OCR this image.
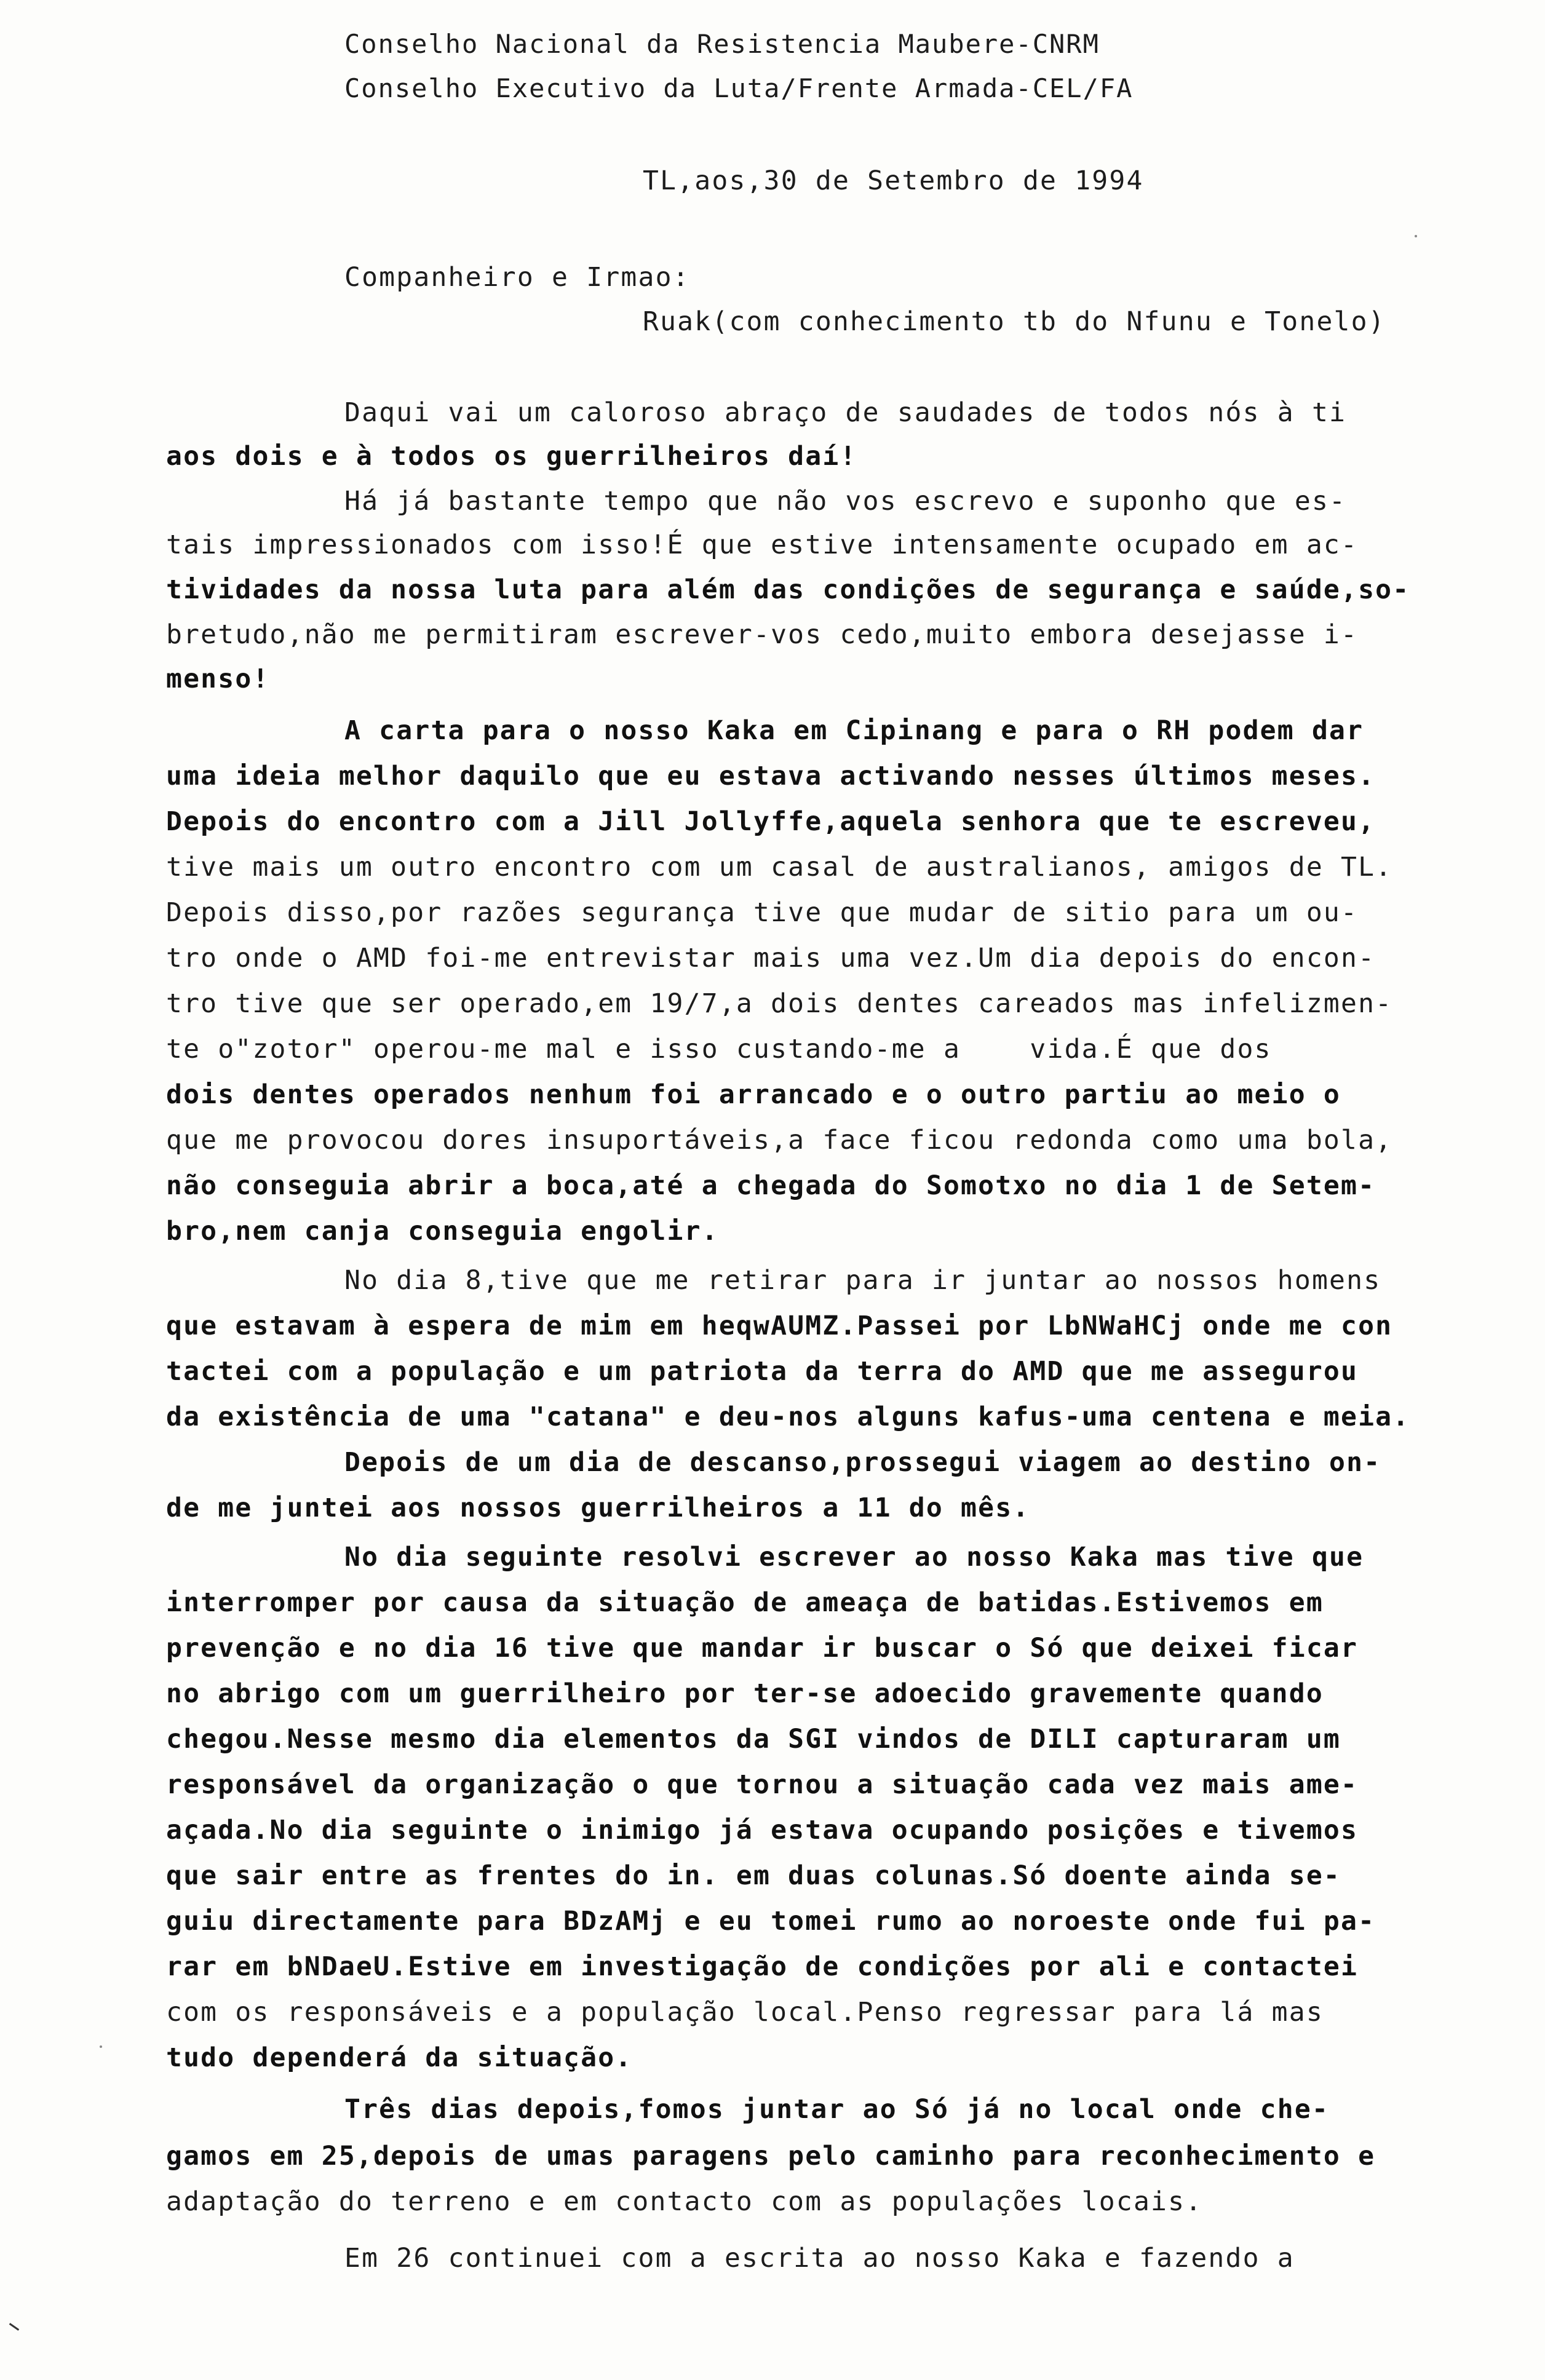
Conselho Nacional da Resistencia Maubere-CNRM
Conselho Executivo da Luta/Frente Armada-CEL/FA
TL,aos,30 de Setembro de 1994
Companheiro e Irmao:
Ruak(com conhecimento tb do Nfunu e Tonelo)
Daqui vai um caloroso abraço de saudades de todos nós à ti
aos dois e à todos os guerrilheiros daí!
Há já bastante tempo que não vos escrevo e suponho que es-
tais impressionados com isso!É que estive intensamente ocupado em ac-
tividades da nossa luta para além das condições de segurança e saúde,so-
bretudo,não me permitiram escrever-vos cedo,muito embora desejasse i-
menso!
A carta para o nosso Kaka em Cipinang e para o RH podem dar
uma ideia melhor daquilo que eu estava activando nesses últimos meses.
Depois do encontro com a Jill Jollyffe,aquela senhora que te escreveu,
tive mais um outro encontro com um casal de australianos, amigos de TL.
Depois disso,por razões segurança tive que mudar de sitio para um ou-
tro onde o AMD foi-me entrevistar mais uma vez.Um dia depois do encon-
tro tive que ser operado,em 19/7,a dois dentes careados mas infelizmen-
te o"zotor" operou-me mal e isso custando-me a    vida.É que dos
dois dentes operados nenhum foi arrancado e o outro partiu ao meio o
que me provocou dores insuportáveis,a face ficou redonda como uma bola,
não conseguia abrir a boca,até a chegada do Somotxo no dia 1 de Setem-
bro,nem canja conseguia engolir.
No dia 8,tive que me retirar para ir juntar ao nossos homens
que estavam à espera de mim em heqwAUMZ.Passei por LbNWaHCj onde me con
tactei com a população e um patriota da terra do AMD que me assegurou
da existência de uma "catana" e deu-nos alguns kafus-uma centena e meia.
Depois de um dia de descanso,prossegui viagem ao destino on-
de me juntei aos nossos guerrilheiros a 11 do mês.
No dia seguinte resolvi escrever ao nosso Kaka mas tive que
interromper por causa da situação de ameaça de batidas.Estivemos em
prevenção e no dia 16 tive que mandar ir buscar o Só que deixei ficar
no abrigo com um guerrilheiro por ter-se adoecido gravemente quando
chegou.Nesse mesmo dia elementos da SGI vindos de DILI capturaram um
responsável da organização o que tornou a situação cada vez mais ame-
açada.No dia seguinte o inimigo já estava ocupando posições e tivemos
que sair entre as frentes do in. em duas colunas.Só doente ainda se-
guiu directamente para BDzAMj e eu tomei rumo ao noroeste onde fui pa-
rar em bNDaeU.Estive em investigação de condições por ali e contactei
com os responsáveis e a população local.Penso regressar para lá mas
tudo dependerá da situação.
Três dias depois,fomos juntar ao Só já no local onde che-
gamos em 25,depois de umas paragens pelo caminho para reconhecimento e
adaptação do terreno e em contacto com as populações locais.
Em 26 continuei com a escrita ao nosso Kaka e fazendo a
